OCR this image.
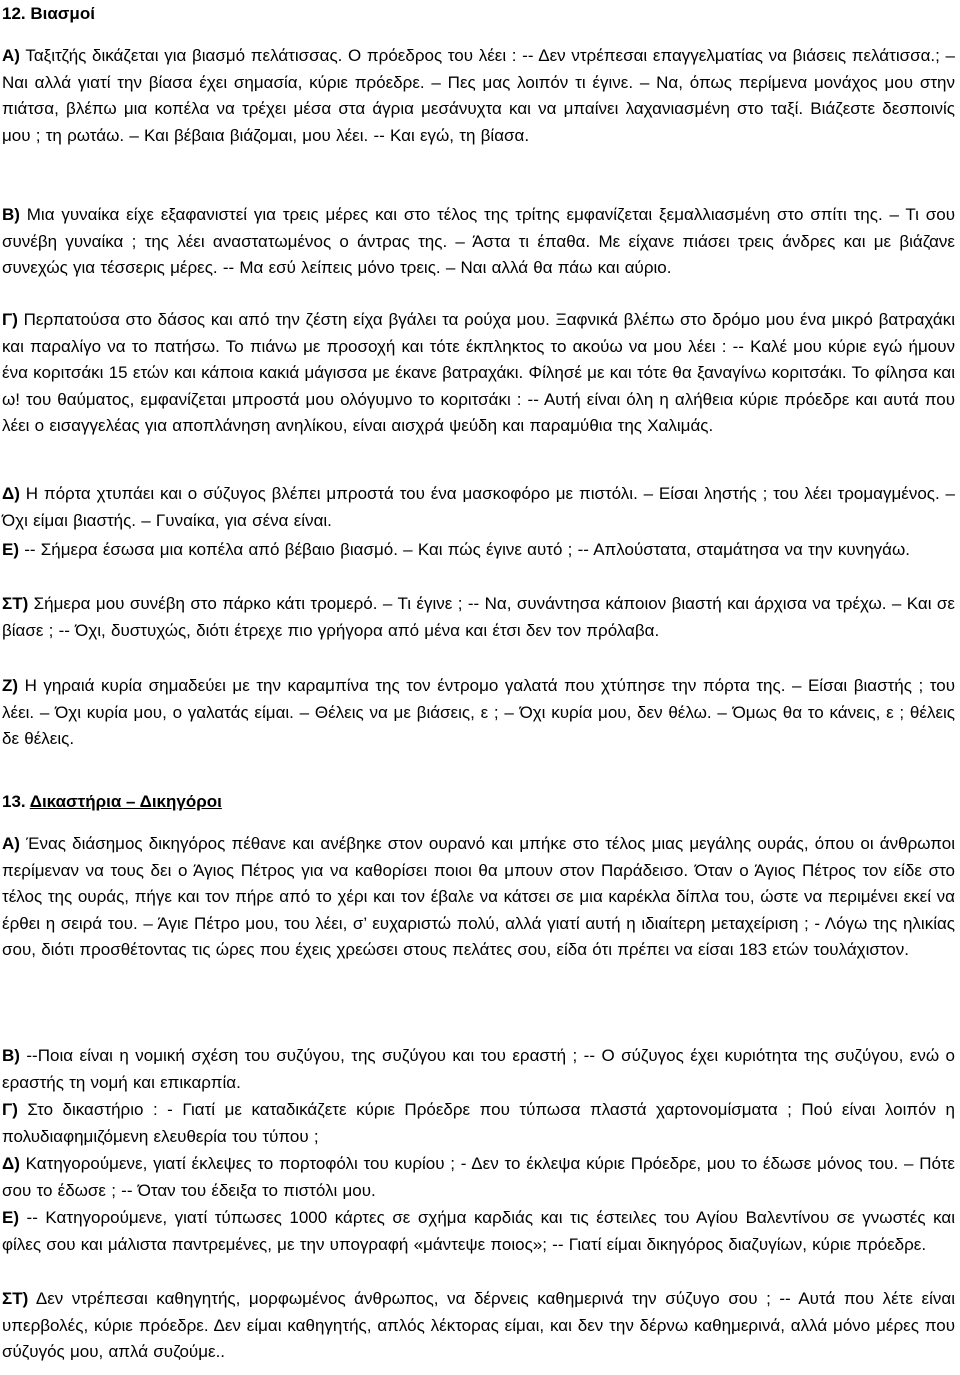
12. Βιασμοί

Α) Ταξιτζής δικάζεται για βιασμό πελάτισσας. Ο πρόεδρος του λέει : -- Δεν ντρέπεσαι επαγγελματίας να βιάσεις πελάτισσα.; – Ναι αλλά γιατί την βίασα έχει σημασία, κύριε πρόεδρε. – Πες μας λοιπόν τι έγινε. – Να, όπως περίμενα μονάχος μου στην πιάτσα, βλέπω μια κοπέλα να τρέχει μέσα στα άγρια μεσάνυχτα και να μπαίνει λαχανιασμένη στο ταξί. Βιάζεστε δεσποινίς μου ; τη ρωτάω. – Και βέβαια βιάζομαι, μου λέει. -- Και εγώ, τη βίασα.

Β) Μια γυναίκα είχε εξαφανιστεί για τρεις μέρες και στο τέλος της τρίτης εμφανίζεται ξεμαλλιασμένη στο σπίτι της. – Τι σου συνέβη γυναίκα ; της λέει αναστατωμένος ο άντρας της. – Άστα τι έπαθα. Με είχανε πιάσει τρεις άνδρες και με βιάζανε συνεχώς για τέσσερις μέρες. -- Μα εσύ λείπεις μόνο τρεις. – Ναι αλλά θα πάω και αύριο.

Γ) Περπατούσα στο δάσος και από την ζέστη είχα βγάλει τα ρούχα μου. Ξαφνικά βλέπω στο δρόμο μου ένα μικρό βατραχάκι και παραλίγο να το πατήσω. Το πιάνω με προσοχή και τότε έκπληκτος το ακούω να μου λέει : -- Καλέ μου κύριε εγώ ήμουν ένα κοριτσάκι 15 ετών και κάποια κακιά μάγισσα με έκανε βατραχάκι. Φίλησέ με και τότε θα ξαναγίνω κοριτσάκι. Το φίλησα και ω! του θαύματος, εμφανίζεται μπροστά μου ολόγυμνο το κοριτσάκι : -- Αυτή είναι όλη η αλήθεια κύριε πρόεδρε και αυτά που λέει ο εισαγγελέας για αποπλάνηση ανηλίκου, είναι αισχρά ψεύδη και παραμύθια της Χαλιμάς.

Δ) Η πόρτα χτυπάει και ο σύζυγος βλέπει μπροστά του ένα μασκοφόρο με πιστόλι. – Είσαι ληστής ; του λέει τρομαγμένος. – Όχι είμαι βιαστής. – Γυναίκα, για σένα είναι.

Ε) -- Σήμερα έσωσα μια κοπέλα από βέβαιο βιασμό. – Και πώς έγινε αυτό ; -- Απλούστατα, σταμάτησα να την κυνηγάω.

ΣΤ) Σήμερα μου συνέβη στο πάρκο κάτι τρομερό. – Τι έγινε ; -- Να, συνάντησα κάποιον βιαστή και άρχισα να τρέχω. – Και σε βίασε ; -- Όχι, δυστυχώς, διότι έτρεχε πιο γρήγορα από μένα και έτσι δεν τον πρόλαβα.

Ζ) Η γηραιά κυρία σημαδεύει με την καραμπίνα της τον έντρομο γαλατά που χτύπησε την πόρτα της. – Είσαι βιαστής ; του λέει. – Όχι κυρία μου, ο γαλατάς είμαι. – Θέλεις να με βιάσεις, ε ; – Όχι κυρία μου, δεν θέλω. – Όμως θα το κάνεις, ε ; θέλεις δε θέλεις.

13. Δικαστήρια – Δικηγόροι

Α) Ένας διάσημος δικηγόρος πέθανε και ανέβηκε στον ουρανό και μπήκε στο τέλος μιας μεγάλης ουράς, όπου οι άνθρωποι περίμεναν να τους δει ο Άγιος Πέτρος για να καθορίσει ποιοι θα μπουν στον Παράδεισο. Όταν ο Άγιος Πέτρος τον είδε στο τέλος της ουράς, πήγε και τον πήρε από το χέρι και τον έβαλε να κάτσει σε μια καρέκλα δίπλα του, ώστε να περιμένει εκεί να έρθει η σειρά του. – Άγιε Πέτρο μου, του λέει, σ’ ευχαριστώ πολύ, αλλά γιατί αυτή η ιδιαίτερη μεταχείριση ; - Λόγω της ηλικίας σου, διότι προσθέτοντας τις ώρες που έχεις χρεώσει στους πελάτες σου, είδα ότι πρέπει να είσαι 183 ετών τουλάχιστον.

Β) --Ποια είναι η νομική σχέση του συζύγου, της συζύγου και του εραστή ; -- Ο σύζυγος έχει κυριότητα της συζύγου, ενώ ο εραστής τη νομή και επικαρπία.

Γ) Στο δικαστήριο : - Γιατί με καταδικάζετε κύριε Πρόεδρε που τύπωσα πλαστά χαρτονομίσματα ; Πού είναι λοιπόν η πολυδιαφημιζόμενη ελευθερία του τύπου ;

Δ) Κατηγορούμενε, γιατί έκλεψες το πορτοφόλι του κυρίου ; - Δεν το έκλεψα κύριε Πρόεδρε, μου το έδωσε μόνος του. – Πότε σου το έδωσε ; -- Όταν του έδειξα το πιστόλι μου.

Ε) -- Κατηγορούμενε, γιατί τύπωσες 1000 κάρτες σε σχήμα καρδιάς και τις έστειλες του Αγίου Βαλεντίνου σε γνωστές και φίλες σου και μάλιστα παντρεμένες, με την υπογραφή «μάντεψε ποιος»; -- Γιατί είμαι δικηγόρος διαζυγίων, κύριε πρόεδρε.

ΣΤ) Δεν ντρέπεσαι καθηγητής, μορφωμένος άνθρωπος, να δέρνεις καθημερινά την σύζυγο σου ; -- Αυτά που λέτε είναι υπερβολές, κύριε πρόεδρε. Δεν είμαι καθηγητής, απλός λέκτορας είμαι, και δεν την δέρνω καθημερινά, αλλά μόνο μέρες που σύζυγός μου, απλά συζούμε..
